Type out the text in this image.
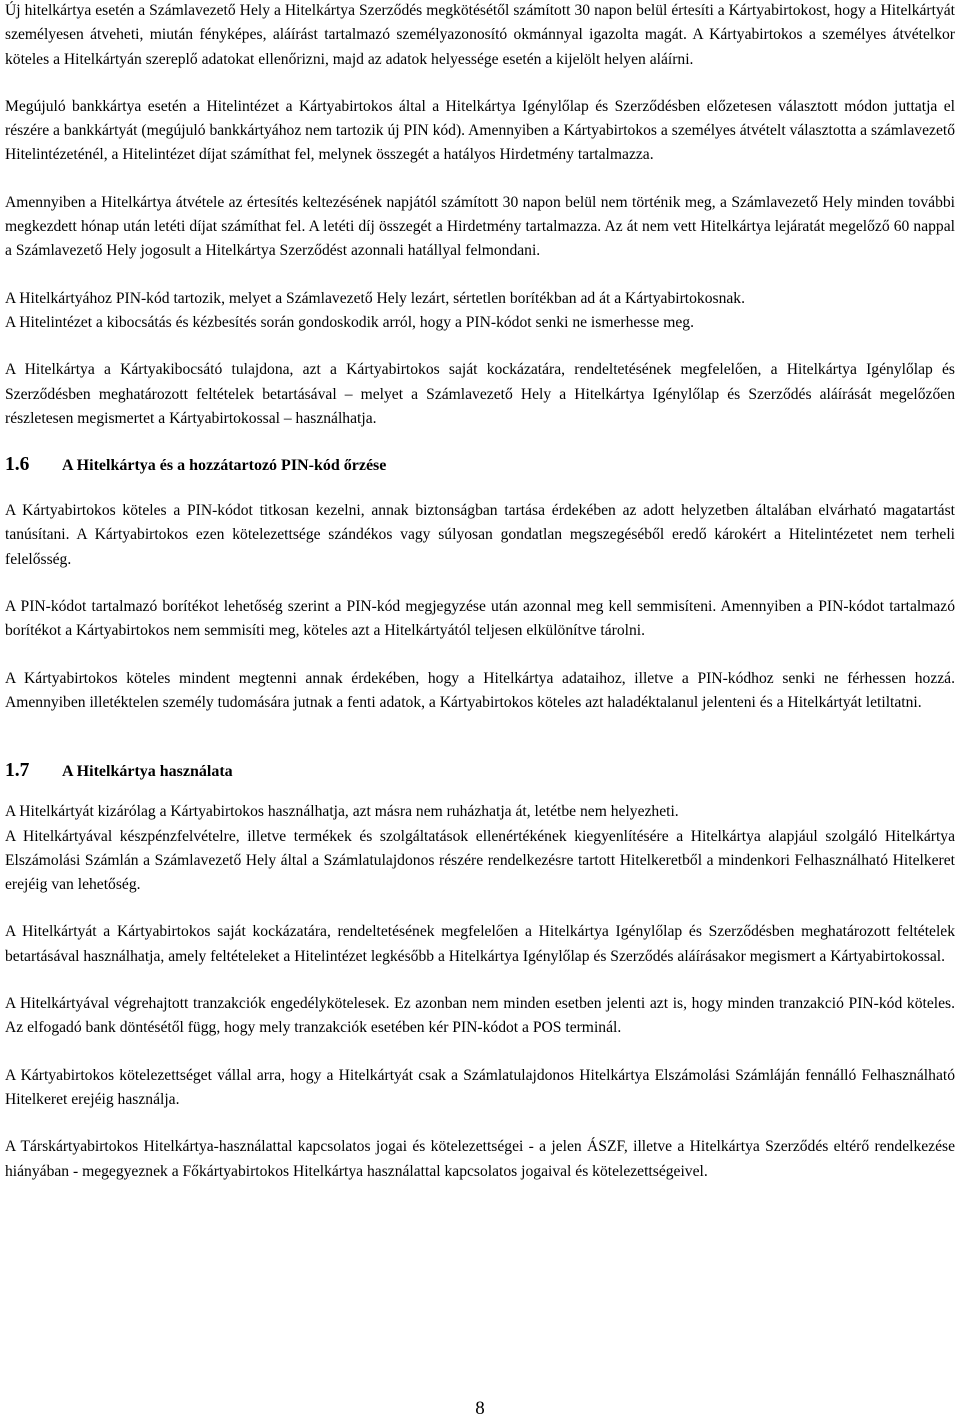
Új hitelkártya esetén a Számlavezető Hely a Hitelkártya Szerződés megkötésétől számított 30 napon belül értesíti a Kártyabirtokost, hogy a Hitelkártyát személyesen átveheti, miután fényképes, aláírást tartalmazó személyazonosító okmánnyal igazolta magát. A Kártyabirtokos a személyes átvételkor köteles a Hitelkártyán szereplő adatokat ellenőrizni, majd az adatok helyessége esetén a kijelölt helyen aláírni.

Megújuló bankkártya esetén a Hitelintézet a Kártyabirtokos által a Hitelkártya Igénylőlap és Szerződésben előzetesen választott módon juttatja el részére a bankkártyát (megújuló bankkártyához nem tartozik új PIN kód). Amennyiben a Kártyabirtokos a személyes átvételt választotta a számlavezető Hitelintézeténél, a Hitelintézet díjat számíthat fel, melynek összegét a hatályos Hirdetmény tartalmazza.

Amennyiben a Hitelkártya átvétele az értesítés keltezésének napjától számított 30 napon belül nem történik meg, a Számlavezető Hely minden további megkezdett hónap után letéti díjat számíthat fel. A letéti díj összegét a Hirdetmény tartalmazza. Az át nem vett Hitelkártya lejáratát megelőző 60 nappal a Számlavezető Hely jogosult a Hitelkártya Szerződést azonnali hatállyal felmondani.

A Hitelkártyához PIN-kód tartozik, melyet a Számlavezető Hely lezárt, sértetlen borítékban ad át a Kártyabirtokosnak.

A Hitelintézet a kibocsátás és kézbesítés során gondoskodik arról, hogy a PIN-kódot senki ne ismerhesse meg.

A Hitelkártya a Kártyakibocsátó tulajdona, azt a Kártyabirtokos saját kockázatára, rendeltetésének megfelelően, a Hitelkártya Igénylőlap és Szerződésben meghatározott feltételek betartásával – melyet a Számlavezető Hely a Hitelkártya Igénylőlap és Szerződés aláírását megelőzően részletesen megismertet a Kártyabirtokossal – használhatja.

1.6	A Hitelkártya és a hozzátartozó PIN-kód őrzése

A Kártyabirtokos köteles a PIN-kódot titkosan kezelni, annak biztonságban tartása érdekében az adott helyzetben általában elvárható magatartást tanúsítani. A Kártyabirtokos ezen kötelezettsége szándékos vagy súlyosan gondatlan megszegéséből eredő károkért a Hitelintézetet nem terheli felelősség.

A PIN-kódot tartalmazó borítékot lehetőség szerint a PIN-kód megjegyzése után azonnal meg kell semmisíteni. Amennyiben a PIN-kódot tartalmazó borítékot a Kártyabirtokos nem semmisíti meg, köteles azt a Hitelkártyától teljesen elkülönítve tárolni.

A Kártyabirtokos köteles mindent megtenni annak érdekében, hogy a Hitelkártya adataihoz, illetve a PIN-kódhoz senki ne férhessen hozzá. Amennyiben illetéktelen személy tudomására jutnak a fenti adatok, a Kártyabirtokos köteles azt haladéktalanul jelenteni és a Hitelkártyát letiltatni.

1.7	A Hitelkártya használata

A Hitelkártyát kizárólag a Kártyabirtokos használhatja, azt másra nem ruházhatja át, letétbe nem helyezheti.

A Hitelkártyával készpénzfelvételre, illetve termékek és szolgáltatások ellenértékének kiegyenlítésére a Hitelkártya alapjául szolgáló Hitelkártya Elszámolási Számlán a Számlavezető Hely által a Számlatulajdonos részére rendelkezésre tartott Hitelkeretből a mindenkori Felhasználható Hitelkeret erejéig van lehetőség.

A Hitelkártyát a Kártyabirtokos saját kockázatára, rendeltetésének megfelelően a Hitelkártya Igénylőlap és Szerződésben meghatározott feltételek betartásával használhatja, amely feltételeket a Hitelintézet legkésőbb a Hitelkártya Igénylőlap és Szerződés aláírásakor megismert a Kártyabirtokossal.

A Hitelkártyával végrehajtott tranzakciók engedélykötelesek. Ez azonban nem minden esetben jelenti azt is, hogy minden tranzakció PIN-kód köteles. Az elfogadó bank döntésétől függ, hogy mely tranzakciók esetében kér PIN-kódot a POS terminál.

A Kártyabirtokos kötelezettséget vállal arra, hogy a Hitelkártyát csak a Számlatulajdonos Hitelkártya Elszámolási Számláján fennálló Felhasználható Hitelkeret erejéig használja.

A Társkártyabirtokos Hitelkártya-használattal kapcsolatos jogai és kötelezettségei - a jelen ÁSZF, illetve a Hitelkártya Szerződés eltérő rendelkezése hiányában - megegyeznek a Főkártyabirtokos Hitelkártya használattal kapcsolatos jogaival és kötelezettségeivel.

8
